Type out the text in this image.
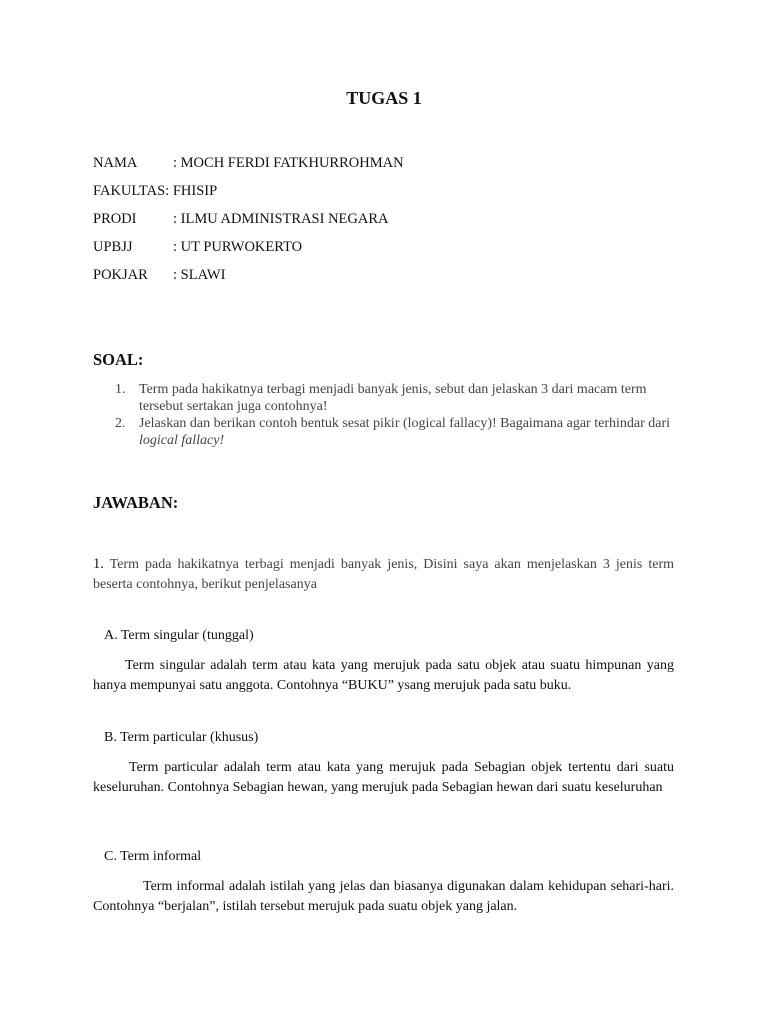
TUGAS 1
NAMA : MOCH FERDI FATKHURROHMAN
FAKULTAS: FHISIP
PRODI	: ILMU ADMINISTRASI NEGARA
UPBJJ	: UT PURWOKERTO
POKJAR : SLAWI
SOAL:
1. Term pada hakikatnya terbagi menjadi banyak jenis, sebut dan jelaskan 3 dari macam term tersebut sertakan juga contohnya!
2. Jelaskan dan berikan contoh bentuk sesat pikir (logical fallacy)! Bagaimana agar terhindar dari logical fallacy!
JAWABAN:
1. Term pada hakikatnya terbagi menjadi banyak jenis, Disini saya akan menjelaskan 3 jenis term beserta contohnya, berikut penjelasanya
A. Term singular (tunggal)
Term singular adalah term atau kata yang merujuk pada satu objek atau suatu himpunan yang hanya mempunyai satu anggota. Contohnya “BUKU” ysang merujuk pada satu buku.
B. Term particular (khusus)
Term particular adalah term atau kata yang merujuk pada Sebagian objek tertentu dari suatu keseluruhan. Contohnya Sebagian hewan, yang merujuk pada Sebagian hewan dari suatu keseluruhan
C. Term informal
Term informal adalah istilah yang jelas dan biasanya digunakan dalam kehidupan sehari-hari. Contohnya “berjalan”, istilah tersebut merujuk pada suatu objek yang jalan.
